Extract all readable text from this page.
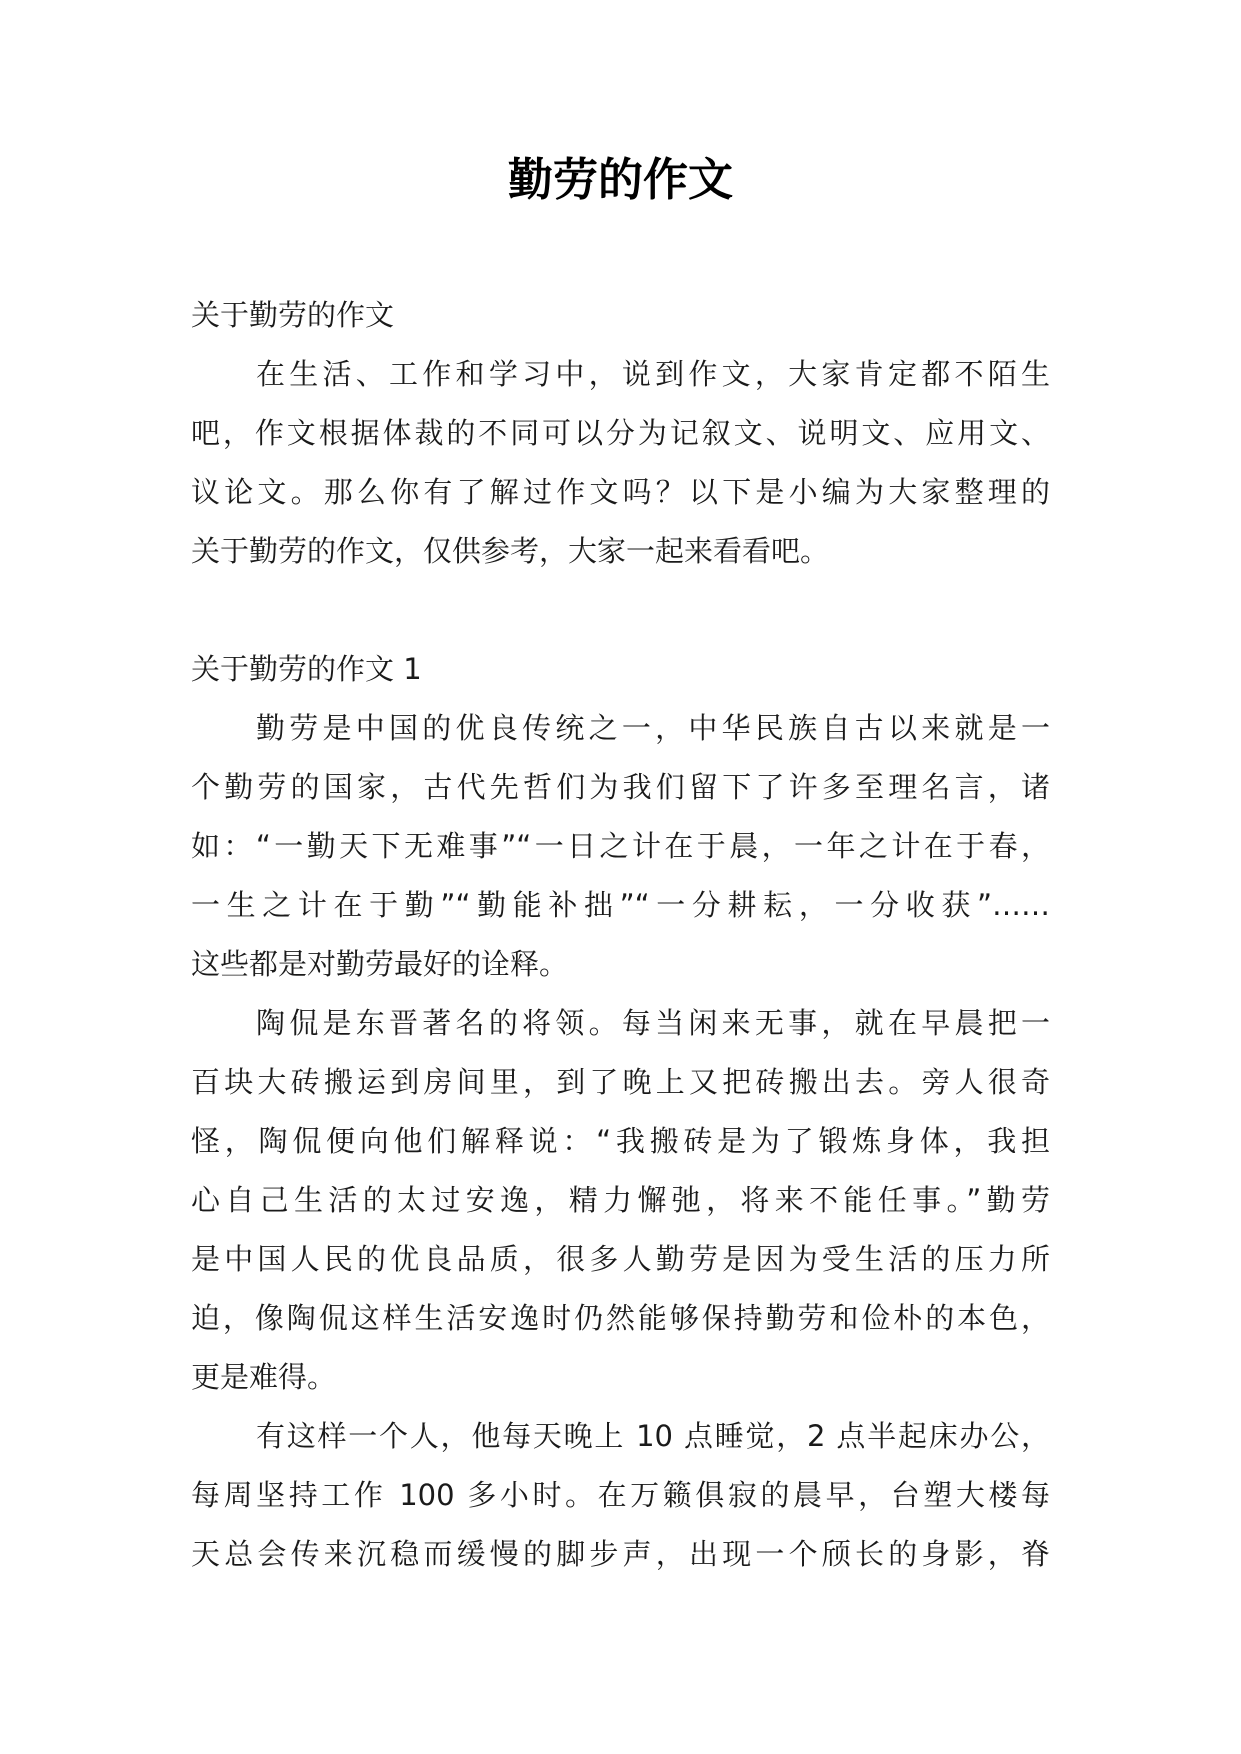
勤劳的作文
关于勤劳的作文
在生活、工作和学习中，说到作文，大家肯定都不陌生
吧，作文根据体裁的不同可以分为记叙文、说明文、应用文、
议论文。那么你有了解过作文吗？以下是小编为大家整理的
关于勤劳的作文，仅供参考，大家一起来看看吧。
关于勤劳的作文 1
勤劳是中国的优良传统之一，中华民族自古以来就是一
个勤劳的国家，古代先哲们为我们留下了许多至理名言，诸
如：“一勤天下无难事”“一日之计在于晨，一年之计在于春，
一生之计在于勤”“勤能补拙”“一分耕耘，一分收获”……
这些都是对勤劳最好的诠释。
陶侃是东晋著名的将领。每当闲来无事，就在早晨把一
百块大砖搬运到房间里，到了晚上又把砖搬出去。旁人很奇
怪，陶侃便向他们解释说：“我搬砖是为了锻炼身体，我担
心自己生活的太过安逸，精力懈弛，将来不能任事。”勤劳
是中国人民的优良品质，很多人勤劳是因为受生活的压力所
迫，像陶侃这样生活安逸时仍然能够保持勤劳和俭朴的本色，
更是难得。
有这样一个人，他每天晚上 10 点睡觉，2 点半起床办公，
每周坚持工作 100 多小时。在万籁俱寂的晨早，台塑大楼每
天总会传来沉稳而缓慢的脚步声，出现一个颀长的身影，脊
